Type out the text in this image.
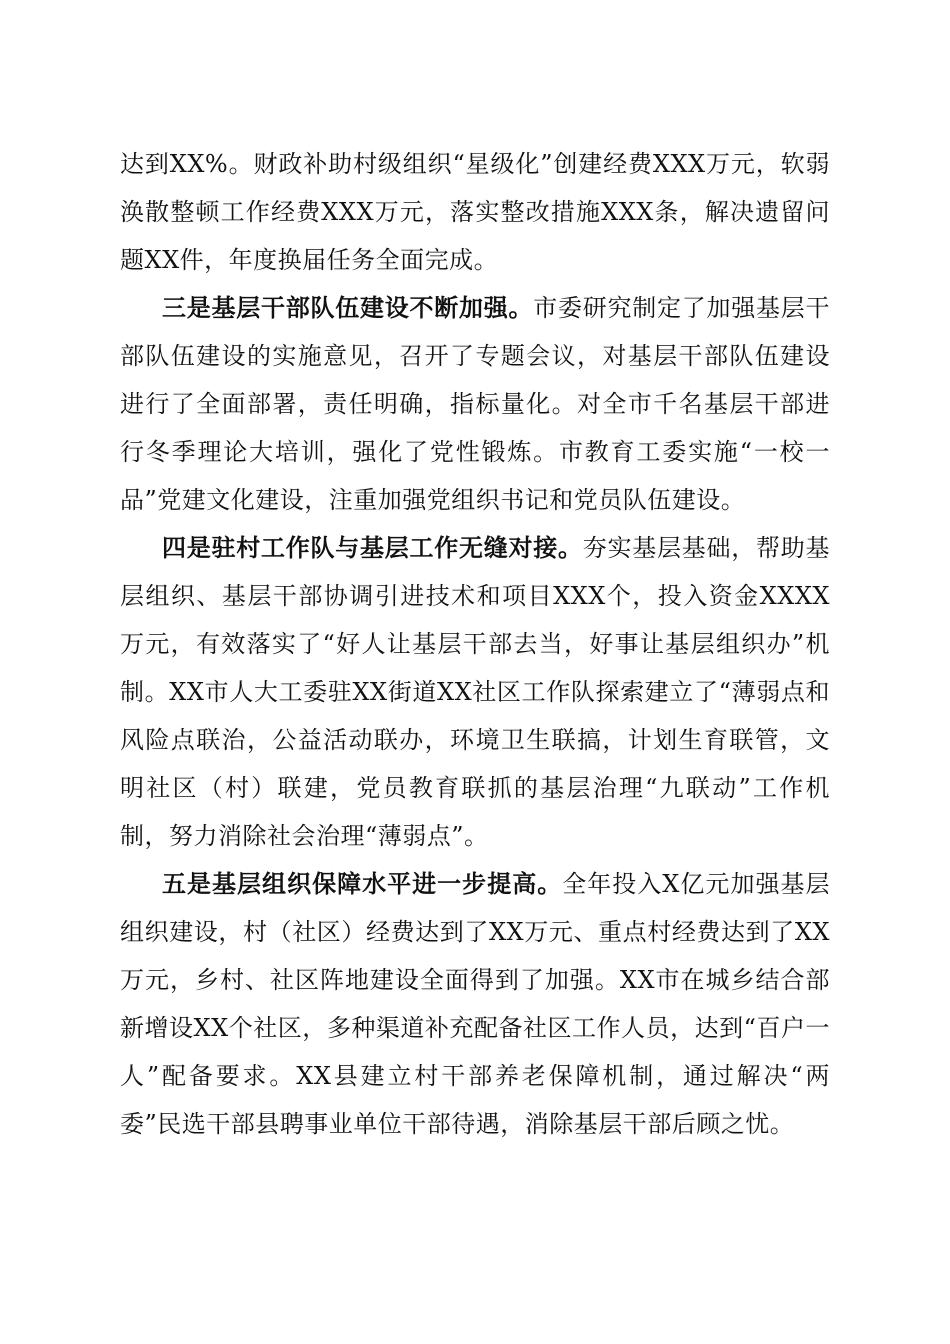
达到XX%。财政补助村级组织“星级化”创建经费XXX万元，软弱涣散整顿工作经费XXX万元，落实整改措施XXX条，解决遗留问题XX件，年度换届任务全面完成。

三是基层干部队伍建设不断加强。市委研究制定了加强基层干部队伍建设的实施意见，召开了专题会议，对基层干部队伍建设进行了全面部署，责任明确，指标量化。对全市千名基层干部进行冬季理论大培训，强化了党性锻炼。市教育工委实施“一校一品”党建文化建设，注重加强党组织书记和党员队伍建设。

四是驻村工作队与基层工作无缝对接。夯实基层基础，帮助基层组织、基层干部协调引进技术和项目XXX个，投入资金XXXX万元，有效落实了“好人让基层干部去当，好事让基层组织办”机制。XX市人大工委驻XX街道XX社区工作队探索建立了“薄弱点和风险点联治，公益活动联办，环境卫生联搞，计划生育联管，文明社区（村）联建，党员教育联抓的基层治理“九联动”工作机制，努力消除社会治理“薄弱点”。

五是基层组织保障水平进一步提高。全年投入X亿元加强基层组织建设，村（社区）经费达到了XX万元、重点村经费达到了XX万元，乡村、社区阵地建设全面得到了加强。XX市在城乡结合部新增设XX个社区，多种渠道补充配备社区工作人员，达到“百户一人”配备要求。XX县建立村干部养老保障机制，通过解决“两委”民选干部县聘事业单位干部待遇，消除基层干部后顾之忧。
